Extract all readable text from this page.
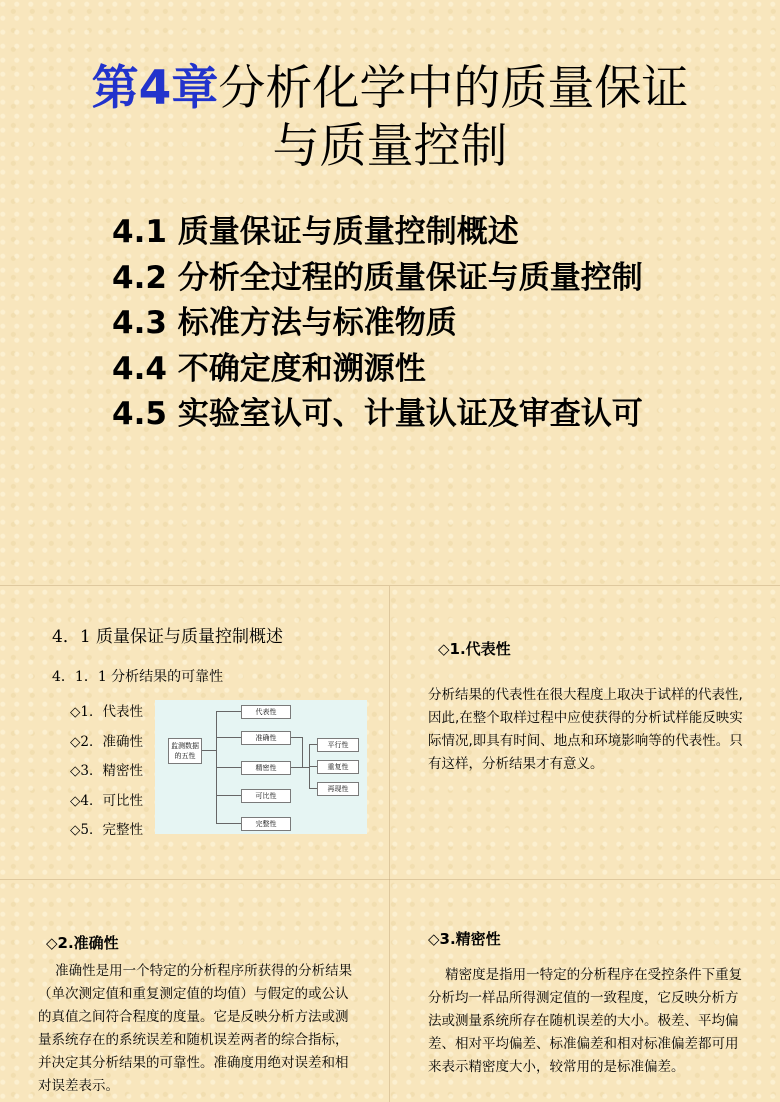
第4章分析化学中的质量保证
与质量控制
4.1 质量保证与质量控制概述
4.2 分析全过程的质量保证与质量控制
4.3 标准方法与标准物质
4.4 不确定度和溯源性
4.5 实验室认可、计量认证及审查认可
4．1 质量保证与质量控制概述
4．1．1 分析结果的可靠性
◇1．代表性
◇2．准确性
◇3．精密性
◇4．可比性
◇5．完整性
监测数据的五性
代表性
准确性
精密性
可比性
完整性
平行性
重复性
再现性
◇1.代表性

分析结果的代表性在很大程度上取决于试样的代表性,因此,在整个取样过程中应使获得的分析试样能反映实际情况,即具有时间、地点和环境影响等的代表性。只有这样，分析结果才有意义。

◇2.准确性

准确性是用一个特定的分析程序所获得的分析结果（单次测定值和重复测定值的均值）与假定的或公认的真值之间符合程度的度量。它是反映分析方法或测量系统存在的系统误差和随机误差两者的综合指标，并决定其分析结果的可靠性。准确度用绝对误差和相对误差表示。

◇3.精密性

精密度是指用一特定的分析程序在受控条件下重复分析均一样品所得测定值的一致程度，它反映分析方法或测量系统所存在随机误差的大小。极差、平均偏差、相对平均偏差、标准偏差和相对标准偏差都可用来表示精密度大小，较常用的是标准偏差。
